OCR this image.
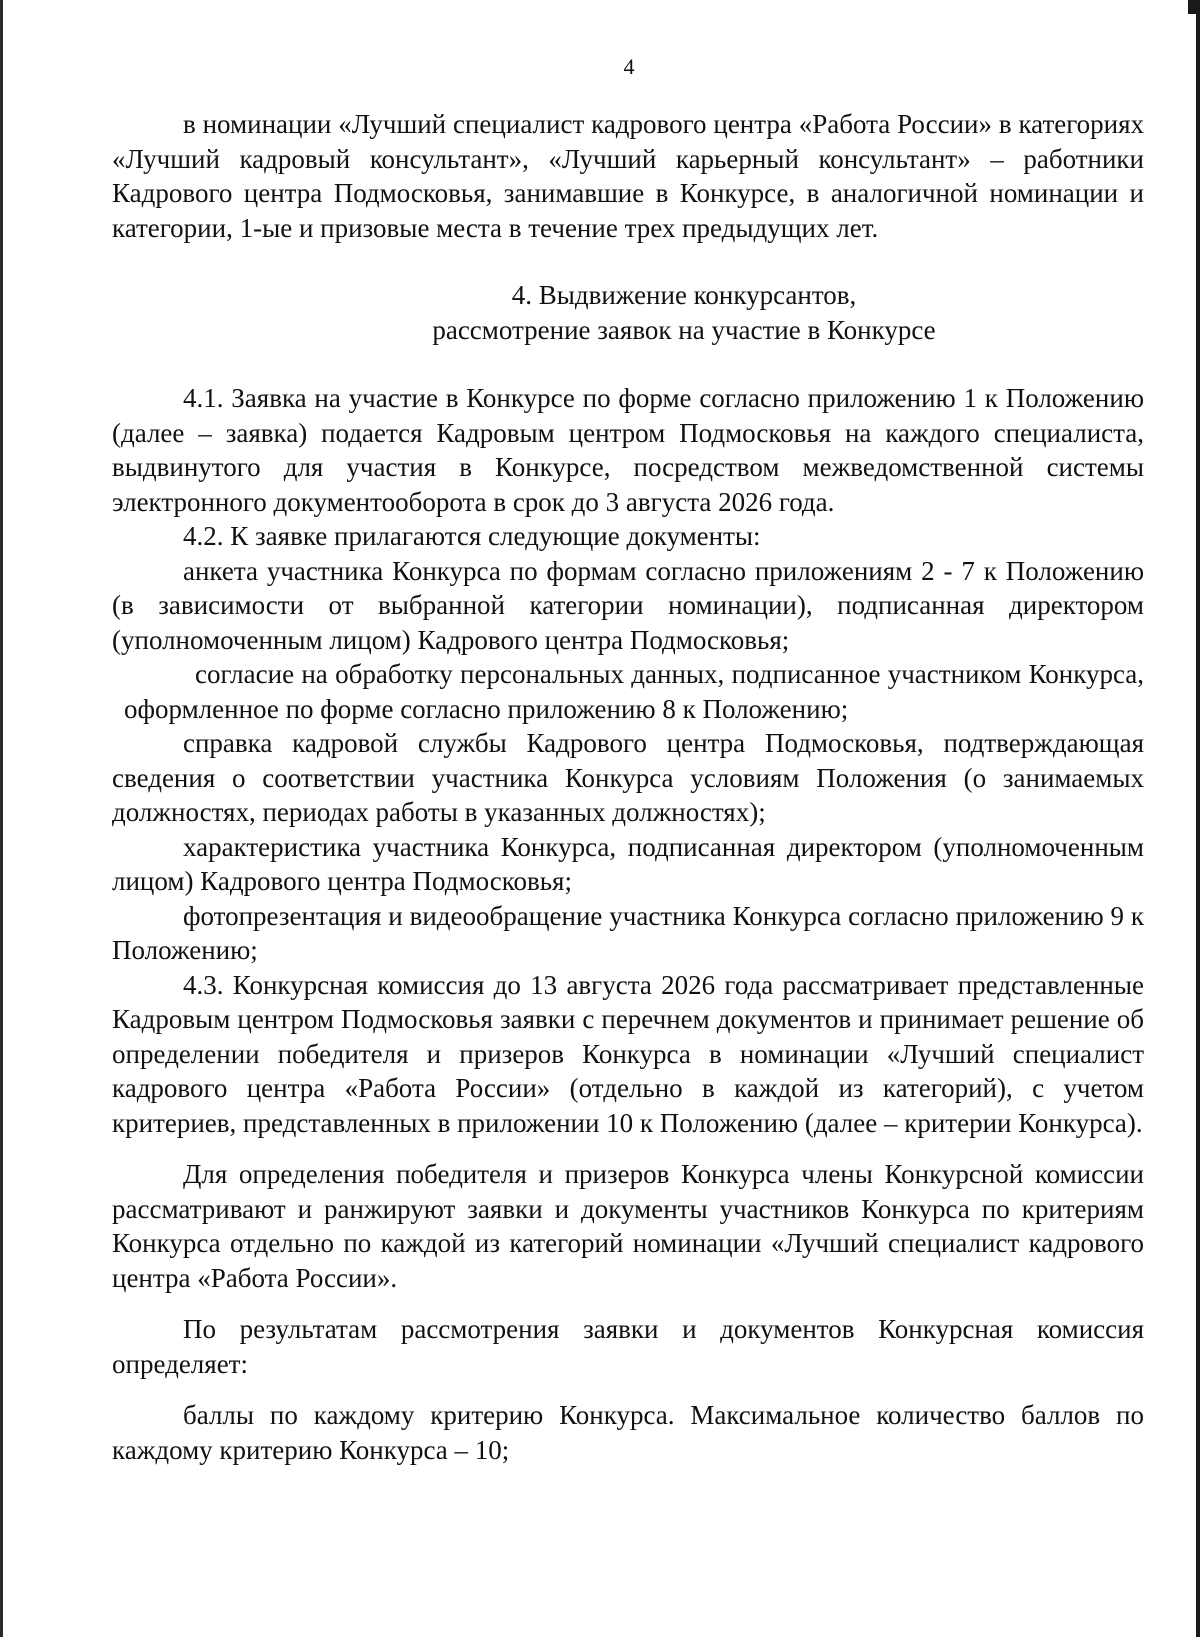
4

в номинации «Лучший специалист кадрового центра «Работа России» в категориях «Лучший кадровый консультант», «Лучший карьерный консультант» – работники Кадрового центра Подмосковья, занимавшие в Конкурсе, в аналогичной номинации и категории, 1-ые и призовые места в течение трех предыдущих лет.

4. Выдвижение конкурсантов,

рассмотрение заявок на участие в Конкурсе

4.1. Заявка на участие в Конкурсе по форме согласно приложению 1 к Положению (далее – заявка) подается Кадровым центром Подмосковья на каждого специалиста, выдвинутого для участия в Конкурсе, посредством межведомственной системы электронного документооборота в срок до 3 августа 2026 года.

4.2. К заявке прилагаются следующие документы:

анкета участника Конкурса по формам согласно приложениям 2 - 7 к Положению (в зависимости от выбранной категории номинации), подписанная директором (уполномоченным лицом) Кадрового центра Подмосковья;

согласие на обработку персональных данных, подписанное участником Конкурса, оформленное по форме согласно приложению 8 к Положению;

справка кадровой службы Кадрового центра Подмосковья, подтверждающая сведения о соответствии участника Конкурса условиям Положения (о занимаемых должностях, периодах работы в указанных должностях);

характеристика участника Конкурса, подписанная директором (уполномоченным лицом) Кадрового центра Подмосковья;

фотопрезентация и видеообращение участника Конкурса согласно приложению 9 к Положению;

4.3. Конкурсная комиссия до 13 августа 2026 года рассматривает представленные Кадровым центром Подмосковья заявки с перечнем документов и принимает решение об определении победителя и призеров Конкурса в номинации «Лучший специалист кадрового центра «Работа России» (отдельно в каждой из категорий), с учетом критериев, представленных в приложении 10 к Положению (далее – критерии Конкурса).

Для определения победителя и призеров Конкурса члены Конкурсной комиссии рассматривают и ранжируют заявки и документы участников Конкурса по критериям Конкурса отдельно по каждой из категорий номинации «Лучший специалист кадрового центра «Работа России».

По результатам рассмотрения заявки и документов Конкурсная комиссия определяет:

баллы по каждому критерию Конкурса. Максимальное количество баллов по каждому критерию Конкурса – 10;
